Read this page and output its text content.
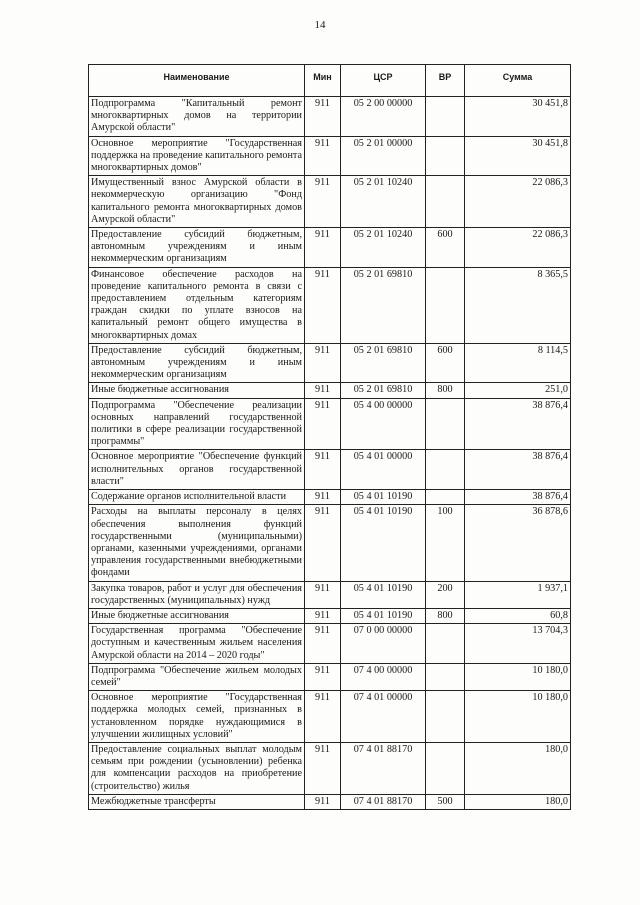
14
Наименование	Мин	ЦСР	ВР	Сумма
Подпрограмма "Капитальный ремонт многоквартирных домов на территории Амурской области"	911	05 2 00 00000		30 451,8
Основное мероприятие "Государственная поддержка на проведение капитального ремонта многоквартирных домов"	911	05 2 01 00000		30 451,8
Имущественный взнос Амурской области в некоммерческую организацию "Фонд капитального ремонта многоквартирных домов Амурской области"	911	05 2 01 10240		22 086,3
Предоставление субсидий бюджетным, автономным учреждениям и иным некоммерческим организациям	911	05 2 01 10240	600	22 086,3
Финансовое обеспечение расходов на проведение капитального ремонта в связи с предоставлением отдельным категориям граждан скидки по уплате взносов на капитальный ремонт общего имущества в многоквартирных домах	911	05 2 01 69810		8 365,5
Предоставление субсидий бюджетным, автономным учреждениям и иным некоммерческим организациям	911	05 2 01 69810	600	8 114,5
Иные бюджетные ассигнования	911	05 2 01 69810	800	251,0
Подпрограмма "Обеспечение реализации основных направлений государственной политики в сфере реализации государственной программы"	911	05 4 00 00000		38 876,4
Основное мероприятие "Обеспечение функций исполнительных органов государственной власти"	911	05 4 01 00000		38 876,4
Содержание органов исполнительной власти	911	05 4 01 10190		38 876,4
Расходы на выплаты персоналу в целях обеспечения выполнения функций государственными (муниципальными) органами, казенными учреждениями, органами управления государственными внебюджетными фондами	911	05 4 01 10190	100	36 878,6
Закупка товаров, работ и услуг для обеспечения государственных (муниципальных) нужд	911	05 4 01 10190	200	1 937,1
Иные бюджетные ассигнования	911	05 4 01 10190	800	60,8
Государственная программа "Обеспечение доступным и качественным жильем населения Амурской области на 2014 – 2020 годы"	911	07 0 00 00000		13 704,3
Подпрограмма "Обеспечение жильем молодых семей"	911	07 4 00 00000		10 180,0
Основное мероприятие "Государственная поддержка молодых семей, признанных в установленном порядке нуждающимися в улучшении жилищных условий"	911	07 4 01 00000		10 180,0
Предоставление социальных выплат молодым семьям при рождении (усыновлении) ребенка для компенсации расходов на приобретение (строительство) жилья	911	07 4 01 88170		180,0
Межбюджетные трансферты	911	07 4 01 88170	500	180,0
